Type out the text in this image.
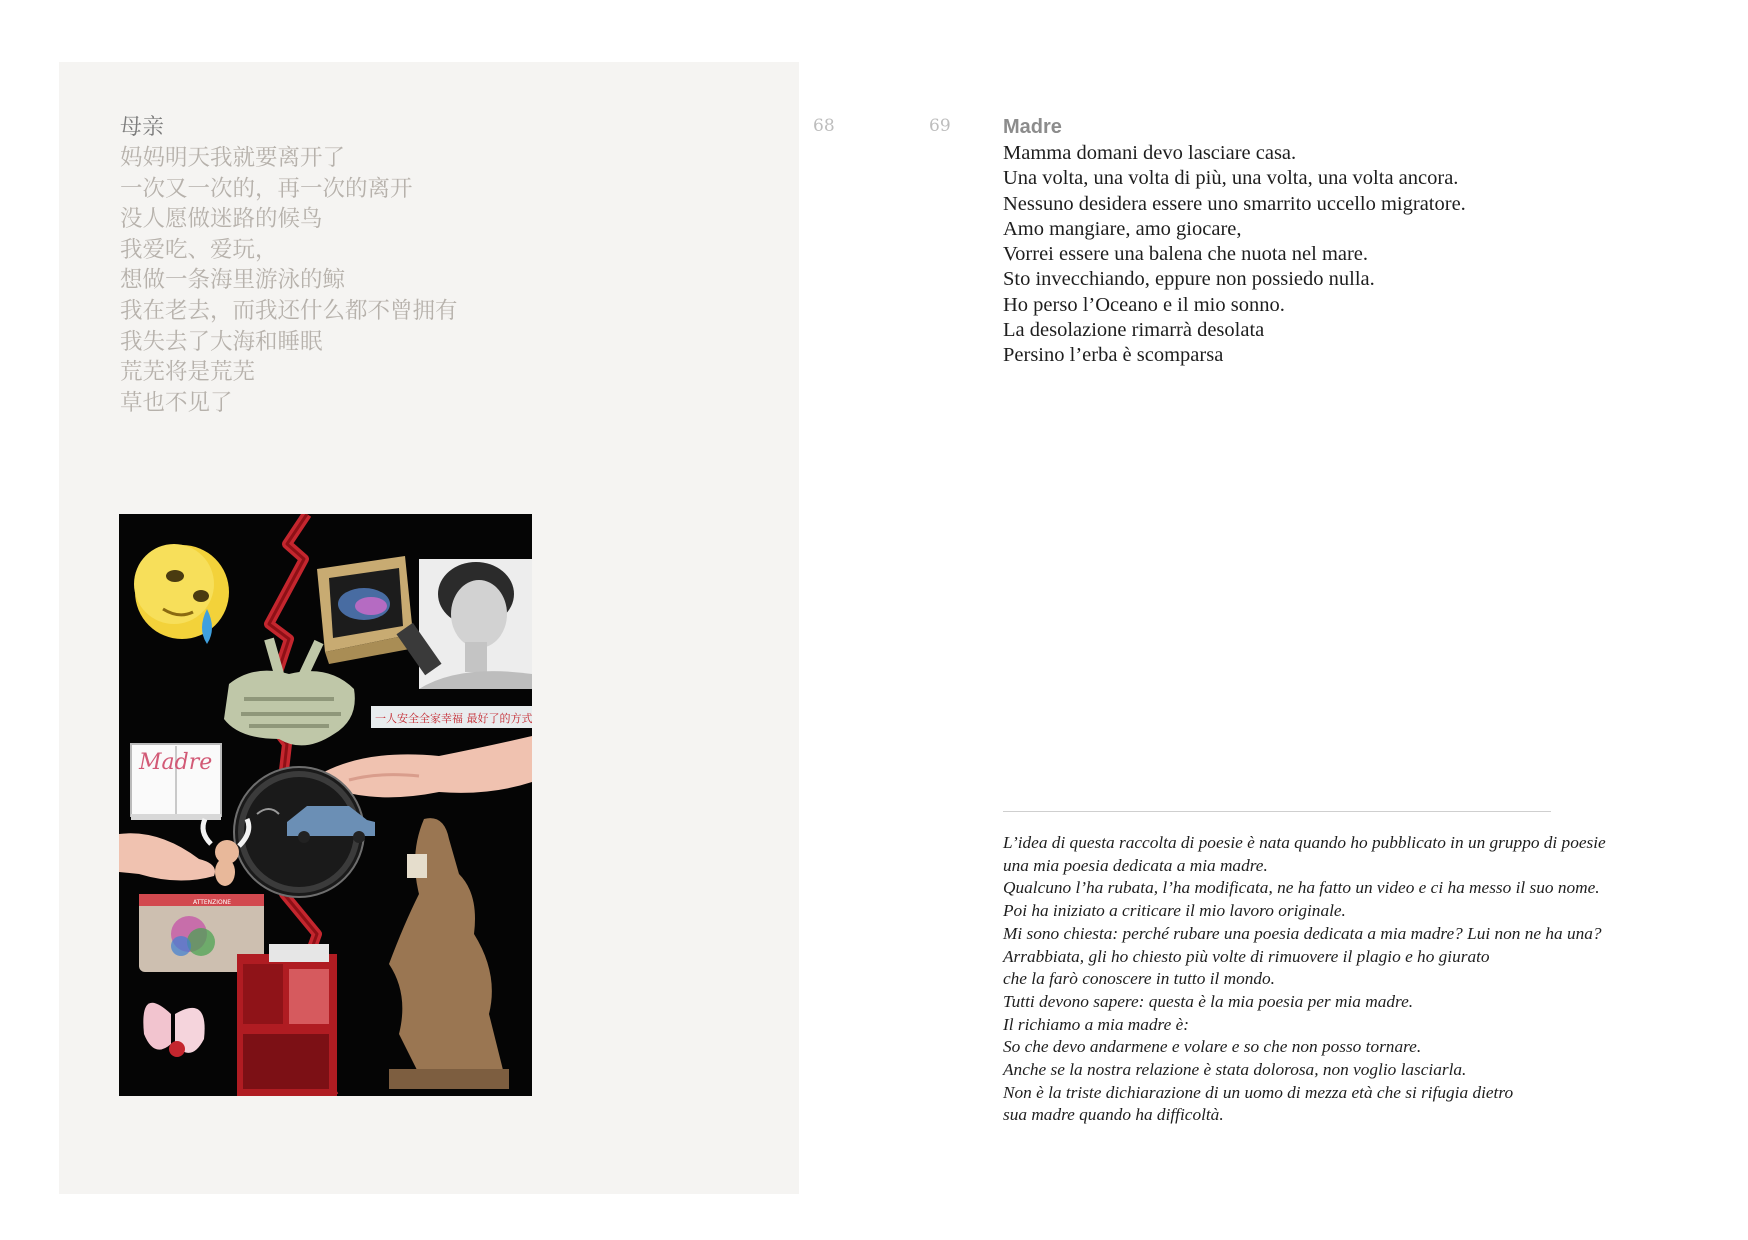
母亲
妈妈明天我就要离开了
一次又一次的，再一次的离开
没人愿做迷路的候鸟
我爱吃、爱玩，
想做一条海里游泳的鲸
我在老去，而我还什么都不曾拥有
我失去了大海和睡眠
荒芜将是荒芜
草也不见了
68	69	Madre
Mamma domani devo lasciare casa.
Una volta, una volta di più, una volta, una volta ancora.
Nessuno desidera essere uno smarrito uccello migratore.
Amo mangiare, amo giocare,
Vorrei essere una balena che nuota nel mare.
Sto invecchiando, eppure non possiedo nulla.
Ho perso l’Oceano e il mio sonno.
La desolazione rimarrà desolata
Persino l’erba è scomparsa
L’idea di questa raccolta di poesie è nata quando ho pubblicato in un gruppo di poesie
una mia poesia dedicata a mia madre.
Qualcuno l’ha rubata, l’ha modificata, ne ha fatto un video e ci ha messo il suo nome.
Poi ha iniziato a criticare il mio lavoro originale.
Mi sono chiesta: perché rubare una poesia dedicata a mia madre? Lui non ne ha una?
Arrabbiata, gli ho chiesto più volte di rimuovere il plagio e ho giurato
che la farò conoscere in tutto il mondo.
Tutti devono sapere: questa è la mia poesia per mia madre.
Il richiamo a mia madre è:
So che devo andarmene e volare e so che non posso tornare.
Anche se la nostra relazione è stata dolorosa, non voglio lasciarla.
Non è la triste dichiarazione di un uomo di mezza età che si rifugia dietro
sua madre quando ha difficoltà.
一人安全全家幸福 最好了的方式
Madre
ATTENZIONE
